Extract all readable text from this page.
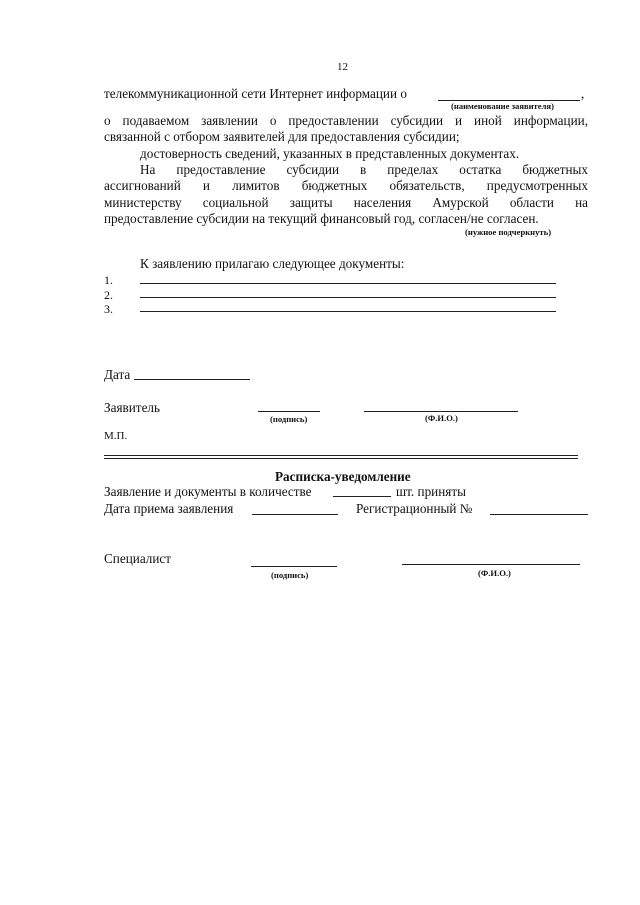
12
телекоммуникационной сети Интернет информации о	,
(наименование заявителя)
о подаваемом заявлении о предоставлении субсидии и иной информации,
связанной с отбором заявителей для предоставления субсидии;
достоверность сведений, указанных в представленных документах.
На предоставление субсидии в пределах остатка бюджетных
ассигнований и лимитов бюджетных обязательств, предусмотренных
министерству социальной защиты населения Амурской области на
предоставление субсидии на текущий финансовый год, согласен/не согласен.
(нужное подчеркнуть)
К заявлению прилагаю следующее документы:
1.
2.
3.
Дата
Заявитель
(подпись)	(Ф.И.О.)
М.П.
Расписка-уведомление
Заявление и документы в количестве	шт. приняты
Дата приема заявления	Регистрационный №
Специалист
(подпись)	(Ф.И.О.)
